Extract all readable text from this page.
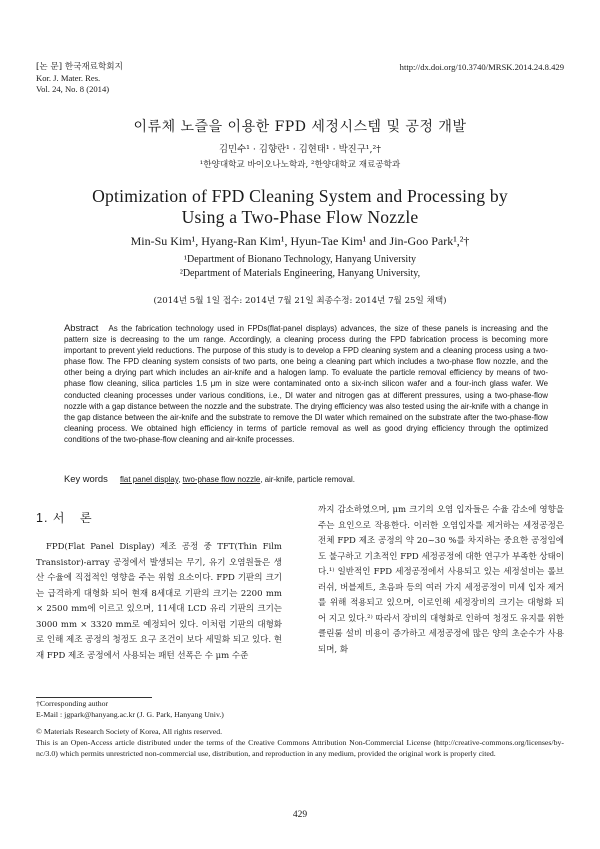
[논 문] 한국재료학회지
Kor. J. Mater. Res.
Vol. 24, No. 8 (2014)
http://dx.doi.org/10.3740/MRSK.2014.24.8.429
이류체 노즐을 이용한 FPD 세정시스템 및 공정 개발
김민수¹ · 김향란¹ · 김현태¹ · 박진구¹,²†
¹한양대학교 바이오나노학과, ²한양대학교 재료공학과
Optimization of FPD Cleaning System and Processing by
Using a Two-Phase Flow Nozzle
Min-Su Kim¹, Hyang-Ran Kim¹, Hyun-Tae Kim¹ and Jin-Goo Park¹,²†
¹Department of Bionano Technology, Hanyang University
²Department of Materials Engineering, Hanyang University,
(2014년 5월 1일 접수: 2014년 7월 21일 최종수정: 2014년 7월 25일 채택)
Abstract As the fabrication technology used in FPDs(flat-panel displays) advances, the size of these panels is increasing and the pattern size is decreasing to the um range. Accordingly, a cleaning process during the FPD fabrication process is becoming more important to prevent yield reductions. The purpose of this study is to develop a FPD cleaning system and a cleaning process using a two-phase flow. The FPD cleaning system consists of two parts, one being a cleaning part which includes a two-phase flow nozzle, and the other being a drying part which includes an air-knife and a halogen lamp. To evaluate the particle removal efficiency by means of two-phase flow cleaning, silica particles 1.5 μm in size were contaminated onto a six-inch silicon wafer and a four-inch glass wafer. We conducted cleaning processes under various conditions, i.e., DI water and nitrogen gas at different pressures, using a two-phase-flow nozzle with a gap distance between the nozzle and the substrate. The drying efficiency was also tested using the air-knife with a change in the gap distance between the air-knife and the substrate to remove the DI water which remained on the substrate after the two-phase-flow cleaning process. We obtained high efficiency in terms of particle removal as well as good drying efficiency through the optimized conditions of the two-phase-flow cleaning and air-knife processes.
Key words flat panel display, two-phase flow nozzle, air-knife, particle removal.
1. 서   론
FPD(Flat Panel Display) 제조 공정 중 TFT(Thin Film Transistor)-array 공정에서 발생되는 무기, 유기 오염원들은 생산 수율에 직접적인 영향을 주는 위험 요소이다. FPD 기판의 크기는 급격하게 대형화 되어 현재 8세대로 기판의 크기는 2200 mm × 2500 mm에 이르고 있으며, 11세대 LCD 유리 기판의 크기는 3000 mm × 3320 mm로 예정되어 있다. 이처럼 기판의 대형화로 인해 제조 공정의 청정도 요구 조건이 보다 세밀화 되고 있다. 현재 FPD 제조 공정에서 사용되는 패턴 선폭은 수 μm 수준
까지 감소하였으며, μm 크기의 오염 입자들은 수율 감소에 영향을 주는 요인으로 작용한다. 이러한 오염입자를 제거하는 세정공정은 전체 FPD 제조 공정의 약 20~30 %를 차지하는 중요한 공정임에도 불구하고 기초적인 FPD 세정공정에 대한 연구가 부족한 상태이다.¹⁾ 일반적인 FPD 세정공정에서 사용되고 있는 세정설비는 롤브러쉬, 버블제트, 초음파 등의 여러 가지 세정공정이 미세 입자 제거를 위해 적용되고 있으며, 이로인해 세정장비의 크기는 대형화 되어 지고 있다.²⁾ 따라서 장비의 대형화로 인하여 청정도 유지를 위한 클린룸 설비 비용이 증가하고 세정공정에 많은 양의 초순수가 사용되며, 화
†Corresponding author
E-Mail : jgpark@hanyang.ac.kr (J. G. Park, Hanyang Univ.)
© Materials Research Society of Korea, All rights reserved.
This is an Open-Access article distributed under the terms of the Creative Commons Attribution Non-Commercial License (http://creative-commons.org/licenses/by-nc/3.0) which permits unrestricted non-commercial use, distribution, and reproduction in any medium, provided the original work is properly cited.
429
